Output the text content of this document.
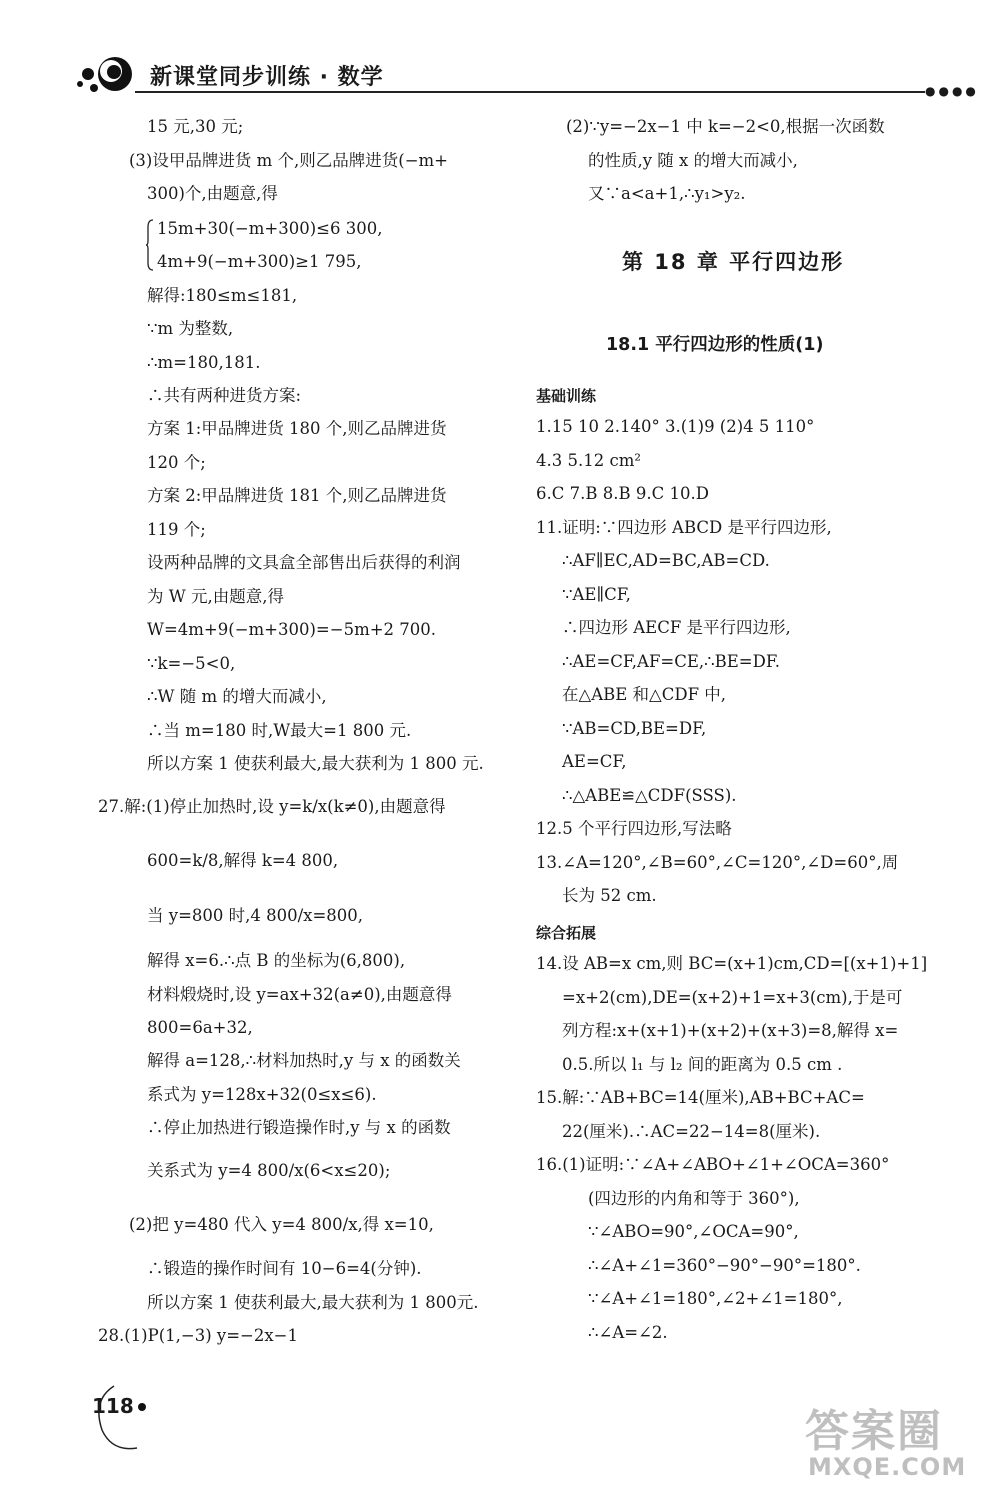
新课堂同步训练 · 数学
●●●●
15 元,30 元;
(3)设甲品牌进货 m 个,则乙品牌进货(−m+
300)个,由题意,得
15m+30(−m+300)≤6 300,
4m+9(−m+300)≥1 795,
解得:180≤m≤181,
∵m 为整数,
∴m=180,181.
∴共有两种进货方案:
方案 1:甲品牌进货 180 个,则乙品牌进货
120 个;
方案 2:甲品牌进货 181 个,则乙品牌进货
119 个;
设两种品牌的文具盒全部售出后获得的利润
为 W 元,由题意,得
W=4m+9(−m+300)=−5m+2 700.
∵k=−5<0,
∴W 随 m 的增大而减小,
∴当 m=180 时,W最大=1 800 元.
所以方案 1 使获利最大,最大获利为 1 800 元.
27.解:(1)停止加热时,设 y=k/x(k≠0),由题意得
600=k/8,解得 k=4 800,
当 y=800 时,4 800/x=800,
解得 x=6.∴点 B 的坐标为(6,800),
材料煅烧时,设 y=ax+32(a≠0),由题意得
800=6a+32,
解得 a=128,∴材料加热时,y 与 x 的函数关
系式为 y=128x+32(0≤x≤6).
∴停止加热进行锻造操作时,y 与 x 的函数
关系式为 y=4 800/x(6<x≤20);
(2)把 y=480 代入 y=4 800/x,得 x=10,
∴锻造的操作时间有 10−6=4(分钟).
所以方案 1 使获利最大,最大获利为 1 800元.
28.(1)P(1,−3) y=−2x−1
(2)∵y=−2x−1 中 k=−2<0,根据一次函数
的性质,y 随 x 的增大而减小,
又∵a<a+1,∴y₁>y₂.
第 18 章 平行四边形
18.1 平行四边形的性质(1)
基础训练
1.15 10 2.140° 3.(1)9 (2)4 5 110°
4.3 5.12 cm²
6.C 7.B 8.B 9.C 10.D
11.证明:∵四边形 ABCD 是平行四边形,
∴AF∥EC,AD=BC,AB=CD.
∵AE∥CF,
∴四边形 AECF 是平行四边形,
∴AE=CF,AF=CE,∴BE=DF.
在△ABE 和△CDF 中,
∵AB=CD,BE=DF,
AE=CF,
∴△ABE≌△CDF(SSS).
12.5 个平行四边形,写法略
13.∠A=120°,∠B=60°,∠C=120°,∠D=60°,周
长为 52 cm.
综合拓展
14.设 AB=x cm,则 BC=(x+1)cm,CD=[(x+1)+1]
=x+2(cm),DE=(x+2)+1=x+3(cm),于是可
列方程:x+(x+1)+(x+2)+(x+3)=8,解得 x=
0.5.所以 l₁ 与 l₂ 间的距离为 0.5 cm .
15.解:∵AB+BC=14(厘米),AB+BC+AC=
22(厘米).∴AC=22−14=8(厘米).
16.(1)证明:∵∠A+∠ABO+∠1+∠OCA=360°
(四边形的内角和等于 360°),
∵∠ABO=90°,∠OCA=90°,
∴∠A+∠1=360°−90°−90°=180°.
∵∠A+∠1=180°,∠2+∠1=180°,
∴∠A=∠2.
118	答案圈
MXQE.COM
